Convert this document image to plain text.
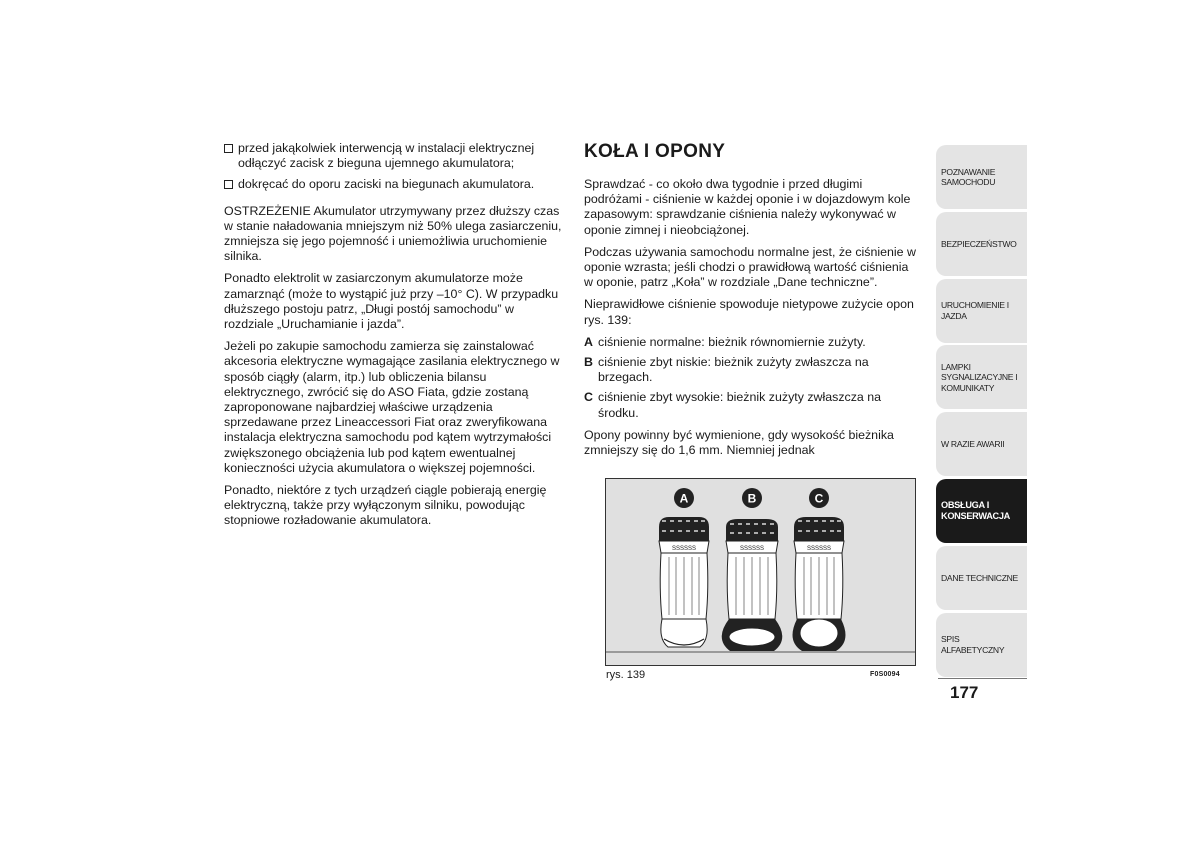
przed jakąkolwiek interwencją w instalacji elektrycznej odłączyć zacisk z bieguna ujemnego akumulatora;
dokręcać do oporu zaciski na biegunach akumulatora.

OSTRZEŻENIE Akumulator utrzymywany przez dłuższy czas w stanie naładowania mniejszym niż 50% ulega zasiarczeniu, zmniejsza się jego pojemność i uniemożliwia uruchomienie silnika.

Ponadto elektrolit w zasiarczonym akumulatorze może zamarznąć (może to wystąpić już przy –10° C). W przypadku dłuższego postoju patrz, „Długi postój samochodu” w rozdziale „Uruchamianie i jazda”.

Jeżeli po zakupie samochodu zamierza się zainstalować akcesoria elektryczne wymagające zasilania elektrycznego w sposób ciągły (alarm, itp.) lub obliczenia bilansu elektrycznego, zwrócić się do ASO Fiata, gdzie zostaną zaproponowane najbardziej właściwe urządzenia sprzedawane przez Lineaccessori Fiat oraz zweryfikowana instalacja elektryczna samochodu pod kątem wytrzymałości zwiększonego obciążenia lub pod kątem ewentualnej konieczności użycia akumulatora o większej pojemności.

Ponadto, niektóre z tych urządzeń ciągle pobierają energię elektryczną, także przy wyłączonym silniku, powodując stopniowe rozładowanie akumulatora.

KOŁA I OPONY

Sprawdzać - co około dwa tygodnie i przed długimi podróżami - ciśnienie w każdej oponie i w dojazdowym kole zapasowym: sprawdzanie ciśnienia należy wykonywać w oponie zimnej i nieobciążonej.

Podczas używania samochodu normalne jest, że ciśnienie w oponie wzrasta; jeśli chodzi o prawidłową wartość ciśnienia w oponie, patrz „Koła” w rozdziale „Dane techniczne”.

Nieprawidłowe ciśnienie spowoduje nietypowe zużycie opon rys. 139:

A ciśnienie normalne: bieżnik równomiernie zużyty.
B ciśnienie zbyt niskie: bieżnik zużyty zwłaszcza na brzegach.
C ciśnienie zbyt wysokie: bieżnik zużyty zwłaszcza na środku.

Opony powinny być wymienione, gdy wysokość bieżnika zmniejszy się do 1,6 mm. Niemniej jednak

SSSSSS	SSSSSS	SSSSSS
A	B	C
rys. 139	F0S0094
POZNAWANIE SAMOCHODU
BEZPIECZEŃSTWO
URUCHOMIENIE I JAZDA
LAMPKI SYGNALIZACYJNE I KOMUNIKATY
W RAZIE AWARII
OBSŁUGA I KONSERWACJA
DANE TECHNICZNE
SPIS ALFABETYCZNY
177
